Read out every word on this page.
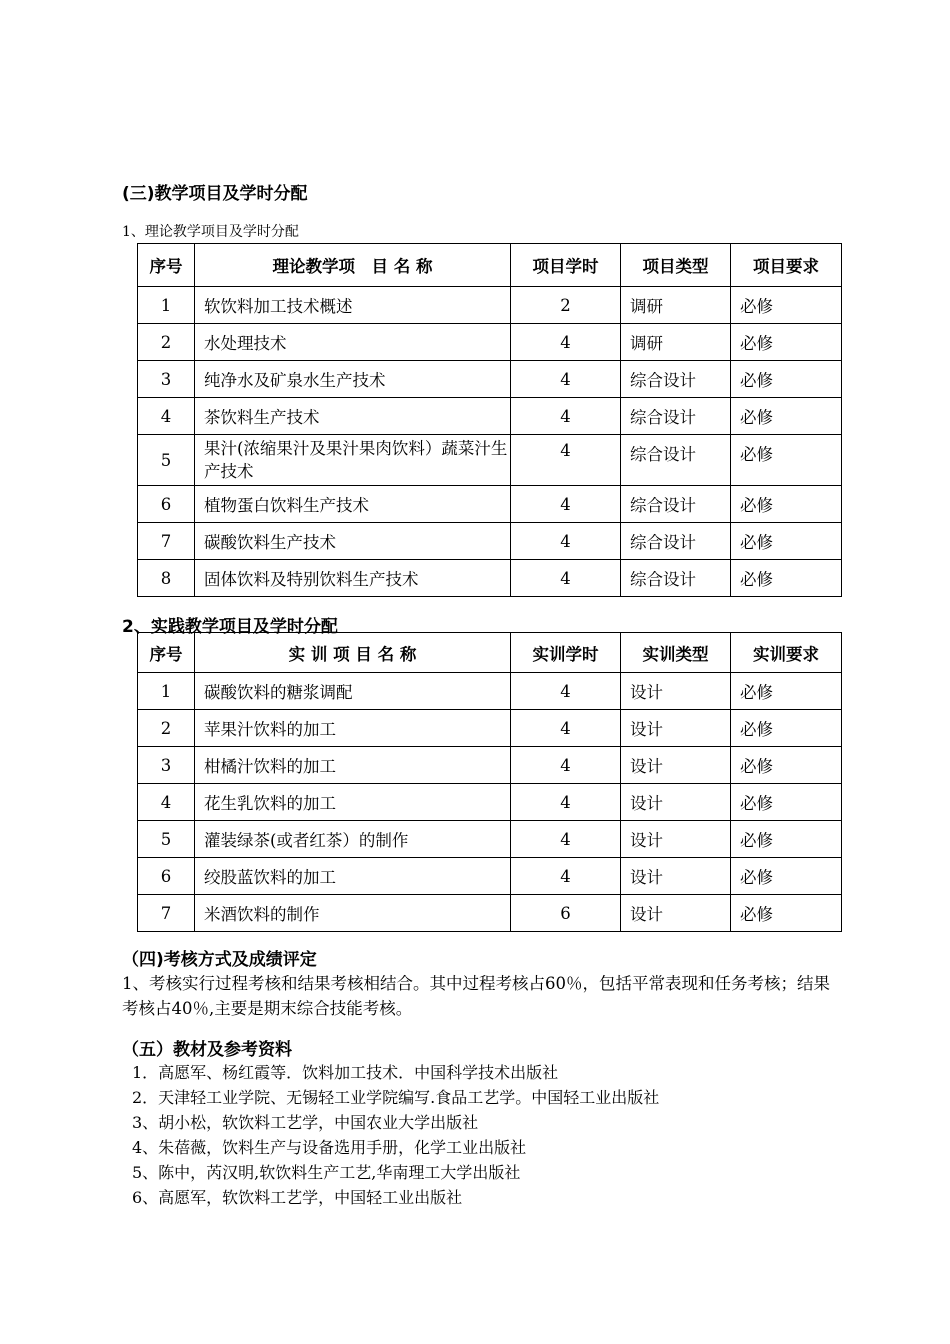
(三)教学项目及学时分配
1、理论教学项目及学时分配
序号	理论教学项　目 名 称	项目学时	项目类型	项目要求
1	软饮料加工技术概述	2	调研	必修
2	水处理技术	4	调研	必修
3	纯净水及矿泉水生产技术	4	综合设计	必修
4	茶饮料生产技术	4	综合设计	必修
5	果汁(浓缩果汁及果汁果肉饮料）蔬菜汁生产技术	4	综合设计	必修
6	植物蛋白饮料生产技术	4	综合设计	必修
7	碳酸饮料生产技术	4	综合设计	必修
8	固体饮料及特别饮料生产技术	4	综合设计	必修
2、实践教学项目及学时分配
序号	实 训 项 目 名 称	实训学时	实训类型	实训要求
1	碳酸饮料的糖浆调配	4	设计	必修
2	苹果汁饮料的加工	4	设计	必修
3	柑橘汁饮料的加工	4	设计	必修
4	花生乳饮料的加工	4	设计	必修
5	灌装绿茶(或者红茶）的制作	4	设计	必修
6	绞股蓝饮料的加工	4	设计	必修
7	米酒饮料的制作	6	设计	必修
（四)考核方式及成绩评定
1、考核实行过程考核和结果考核相结合。其中过程考核占60％，包括平常表现和任务考核；结果考核占40％,主要是期末综合技能考核。
（五）教材及参考资料
1．高愿军、杨红霞等．饮料加工技术．中国科学技术出版社
2．天津轻工业学院、无锡轻工业学院编写.食品工艺学。中国轻工业出版社
3、胡小松，软饮料工艺学，中国农业大学出版社
4、朱蓓薇，饮料生产与设备选用手册，化学工业出版社
5、陈中，芮汉明,软饮料生产工艺,华南理工大学出版社
6、高愿军，软饮料工艺学，中国轻工业出版社
